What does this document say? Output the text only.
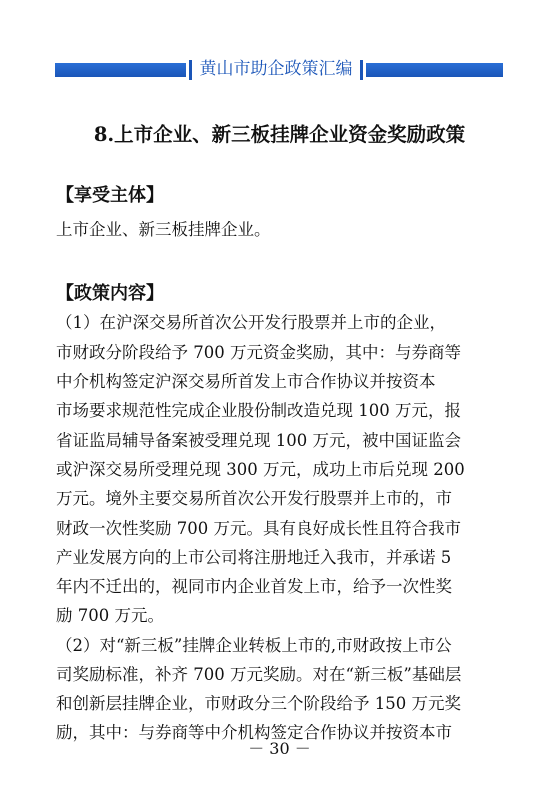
黄山市助企政策汇编
8.上市企业、新三板挂牌企业资金奖励政策
【享受主体】
上市企业、新三板挂牌企业。
【政策内容】
（1）在沪深交易所首次公开发行股票并上市的企业，
市财政分阶段给予 700 万元资金奖励，其中：与券商等
中介机构签定沪深交易所首发上市合作协议并按资本
市场要求规范性完成企业股份制改造兑现 100 万元，报
省证监局辅导备案被受理兑现 100 万元，被中国证监会
或沪深交易所受理兑现 300 万元，成功上市后兑现 200
万元。境外主要交易所首次公开发行股票并上市的，市
财政一次性奖励 700 万元。具有良好成长性且符合我市
产业发展方向的上市公司将注册地迁入我市，并承诺 5
年内不迁出的，视同市内企业首发上市，给予一次性奖
励 700 万元。
（2）对“新三板”挂牌企业转板上市的,市财政按上市公
司奖励标准，补齐 700 万元奖励。对在“新三板”基础层
和创新层挂牌企业，市财政分三个阶段给予 150 万元奖
励，其中：与券商等中介机构签定合作协议并按资本市
－ 30 －
